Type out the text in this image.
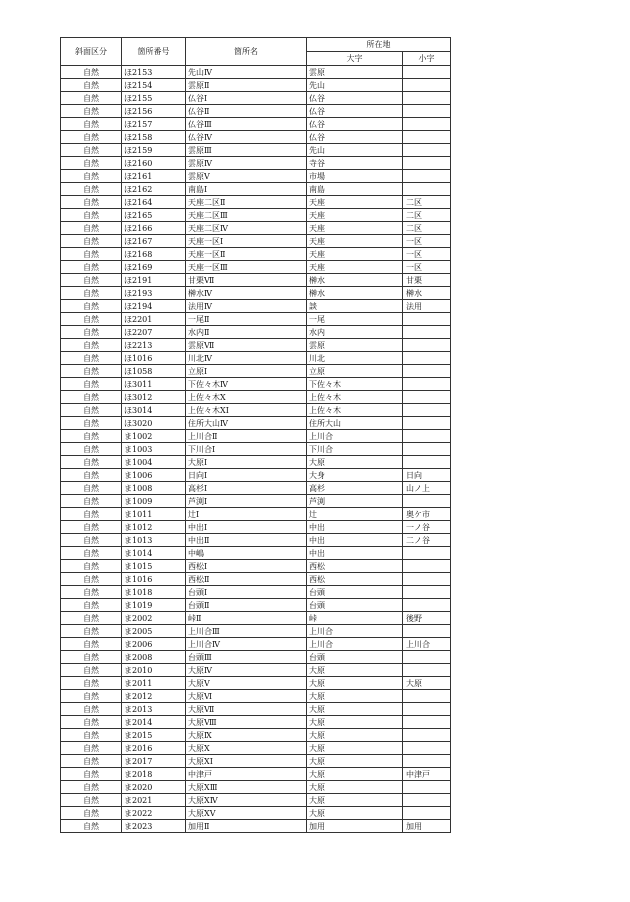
斜面区分	箇所番号	箇所名	所在地	
			大字	小字
自然	ほ2153	先山Ⅳ	雲原	
自然	ほ2154	雲原Ⅱ	先山	
自然	ほ2155	仏谷Ⅰ	仏谷	
自然	ほ2156	仏谷Ⅱ	仏谷	
自然	ほ2157	仏谷Ⅲ	仏谷	
自然	ほ2158	仏谷Ⅳ	仏谷	
自然	ほ2159	雲原Ⅲ	先山	
自然	ほ2160	雲原Ⅳ	寺谷	
自然	ほ2161	雲原Ⅴ	市場	
自然	ほ2162	南島Ⅰ	南島	
自然	ほ2164	天座二区Ⅱ	天座	二区
自然	ほ2165	天座二区Ⅲ	天座	二区
自然	ほ2166	天座二区Ⅳ	天座	二区
自然	ほ2167	天座一区Ⅰ	天座	一区
自然	ほ2168	天座一区Ⅱ	天座	一区
自然	ほ2169	天座一区Ⅲ	天座	一区
自然	ほ2191	甘栗Ⅶ	榊水	甘栗
自然	ほ2193	榊水Ⅳ	榊水	榊水
自然	ほ2194	法用Ⅳ	談	法用
自然	ほ2201	一尾Ⅱ	一尾	
自然	ほ2207	水内Ⅱ	水内	
自然	ほ2213	雲原Ⅶ	雲原	
自然	ほ1016	川北Ⅳ	川北	
自然	ほ1058	立原Ⅰ	立原	
自然	ほ3011	下佐々木Ⅳ	下佐々木	
自然	ほ3012	上佐々木Ⅹ	上佐々木	
自然	ほ3014	上佐々木ⅩⅠ	上佐々木	
自然	ほ3020	住所大山Ⅳ	住所大山	
自然	ま1002	上川合Ⅱ	上川合	
自然	ま1003	下川合Ⅰ	下川合	
自然	ま1004	大原Ⅰ	大原	
自然	ま1006	日向Ⅰ	大身	日向
自然	ま1008	高杉Ⅰ	高杉	山ノ上
自然	ま1009	芦渕Ⅰ	芦渕	
自然	ま1011	辻Ⅰ	辻	奥ケ市
自然	ま1012	中出Ⅰ	中出	一ノ谷
自然	ま1013	中出Ⅱ	中出	二ノ谷
自然	ま1014	中嶋	中出	
自然	ま1015	西松Ⅰ	西松	
自然	ま1016	西松Ⅱ	西松	
自然	ま1018	台頭Ⅰ	台頭	
自然	ま1019	台頭Ⅱ	台頭	
自然	ま2002	峠Ⅱ	峠	後野
自然	ま2005	上川合Ⅲ	上川合	
自然	ま2006	上川合Ⅳ	上川合	上川合
自然	ま2008	台頭Ⅲ	台頭	
自然	ま2010	大原Ⅳ	大原	
自然	ま2011	大原Ⅴ	大原	大原
自然	ま2012	大原Ⅵ	大原	
自然	ま2013	大原Ⅶ	大原	
自然	ま2014	大原Ⅷ	大原	
自然	ま2015	大原Ⅸ	大原	
自然	ま2016	大原Ⅹ	大原	
自然	ま2017	大原ⅩⅠ	大原	
自然	ま2018	中津戸	大原	中津戸
自然	ま2020	大原ⅩⅢ	大原	
自然	ま2021	大原ⅩⅣ	大原	
自然	ま2022	大原ⅩⅤ	大原	
自然	ま2023	加用Ⅱ	加用	加用
